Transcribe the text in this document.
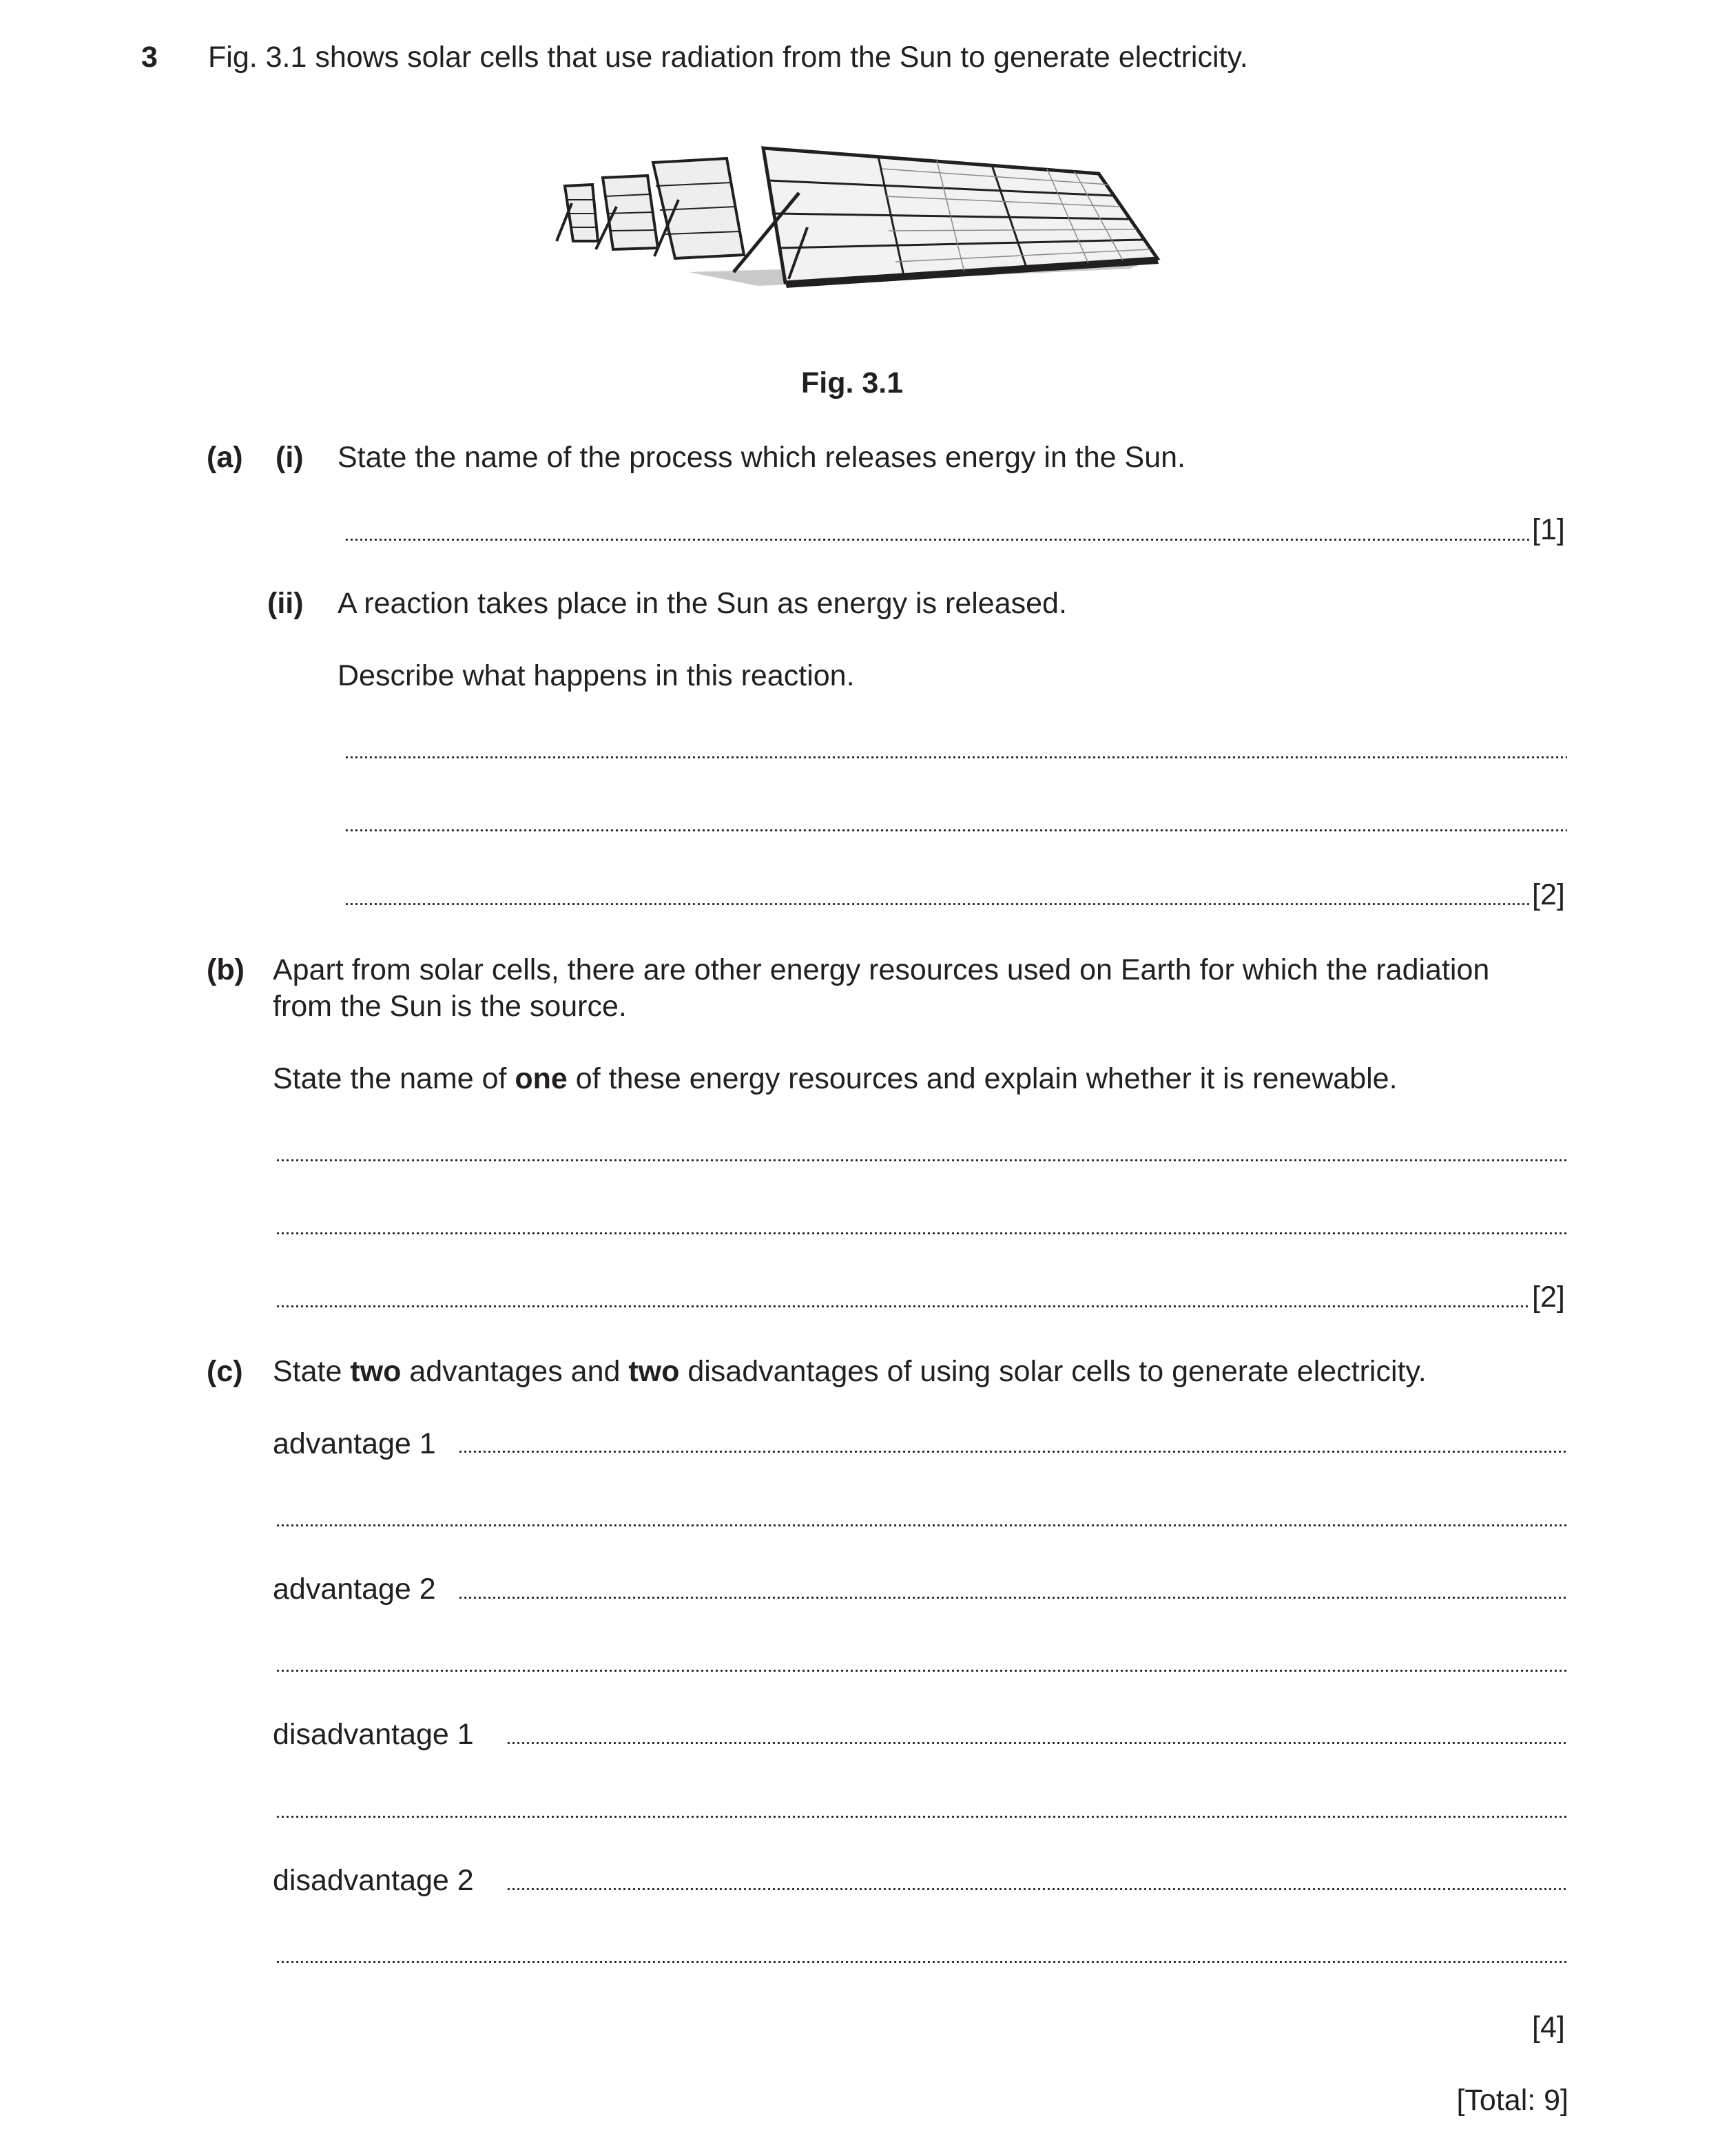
3 Fig. 3.1 shows solar cells that use radiation from the Sun to generate electricity.
Fig. 3.1
(a) (i) State the name of the process which releases energy in the Sun.
[1]
(ii) A reaction takes place in the Sun as energy is released.
Describe what happens in this reaction.
[2]
(b) Apart from solar cells, there are other energy resources used on Earth for which the radiation
from the Sun is the source.
State the name of one of these energy resources and explain whether it is renewable.
[2]
(c) State two advantages and two disadvantages of using solar cells to generate electricity.
advantage 1
advantage 2
disadvantage 1
disadvantage 2
[4]
[Total: 9]
